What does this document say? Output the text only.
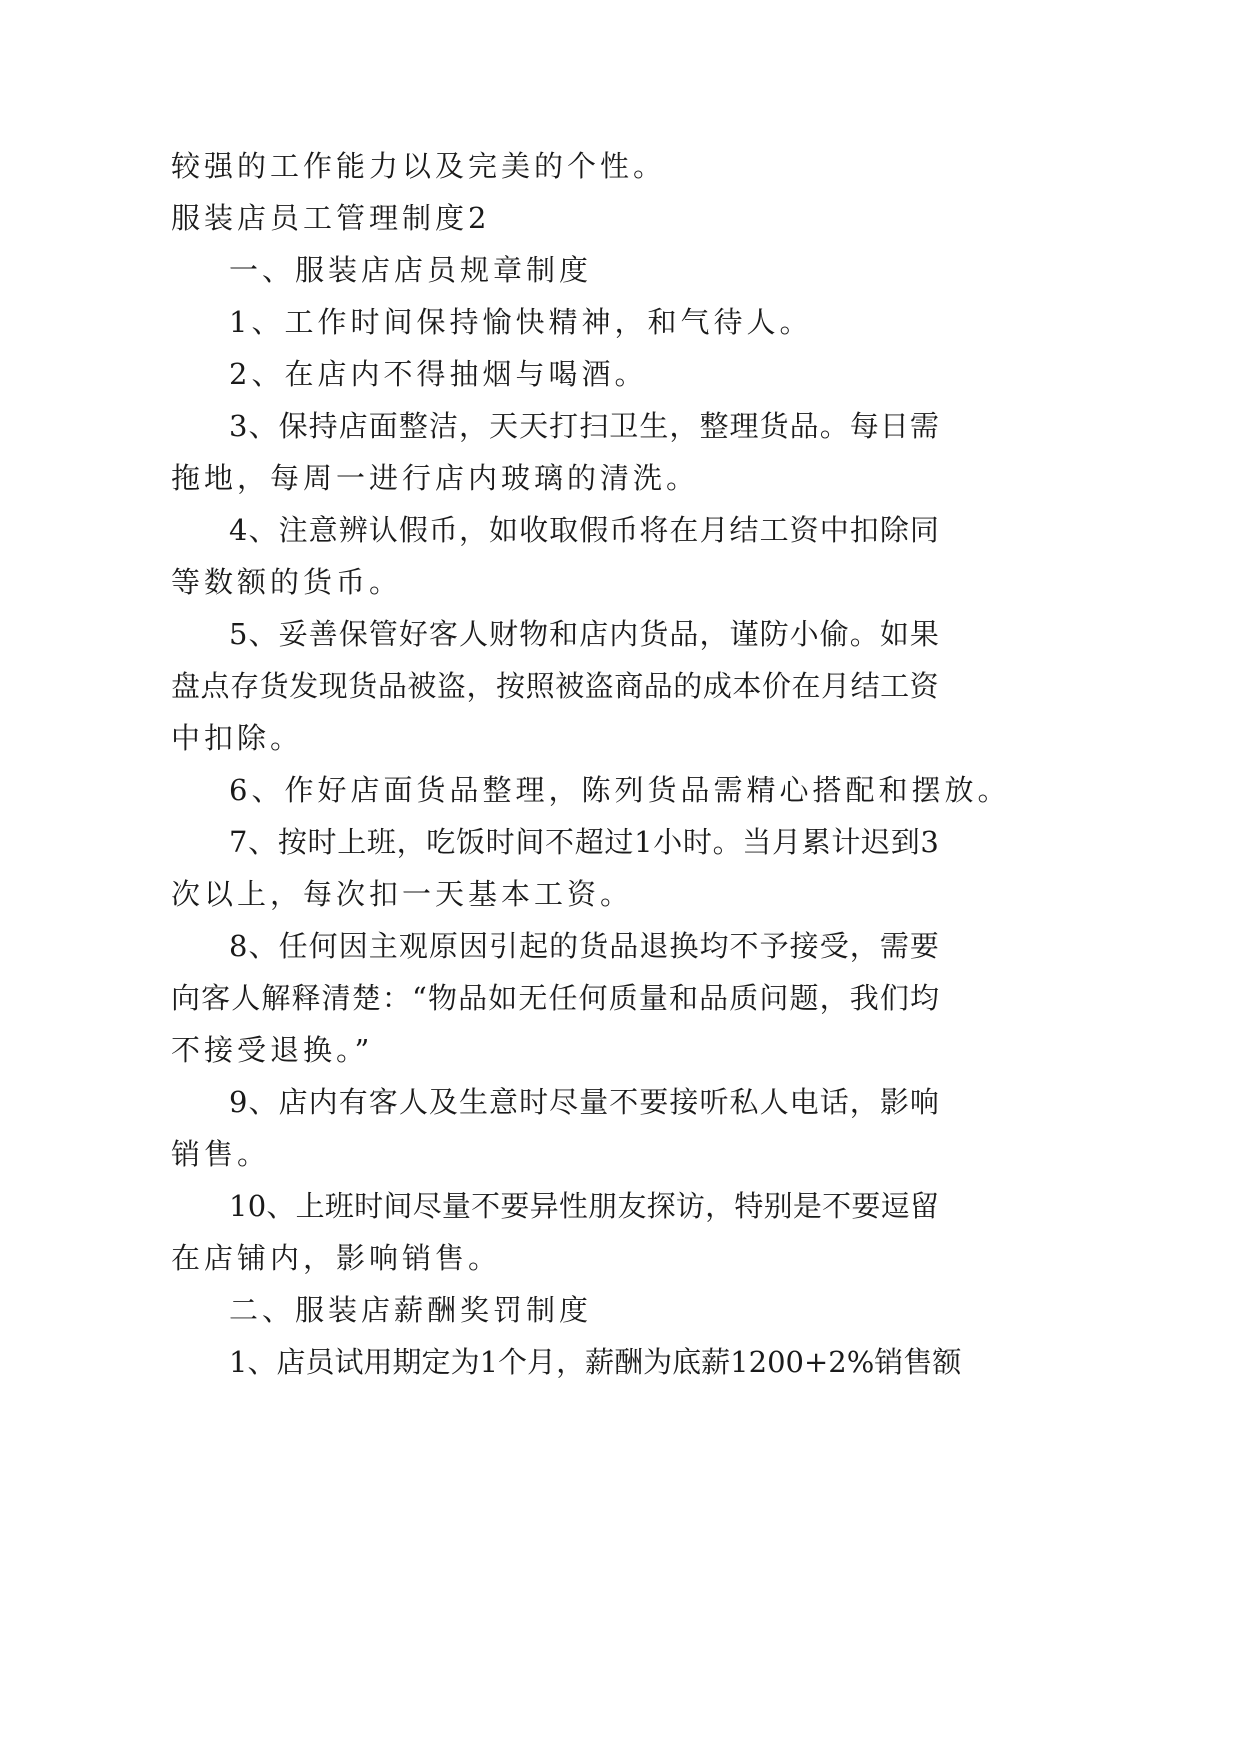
较强的工作能力以及完美的个性。
服装店员工管理制度2
一、服装店店员规章制度
1、工作时间保持愉快精神，和气待人。
2、在店内不得抽烟与喝酒。
3 、 保 持 店 面 整 洁 ， 天 天 打 扫 卫 生 ， 整 理 货 品 。 每 日 需
拖地，每周一进行店内玻璃的清洗。
4 、 注 意 辨 认 假 币 ， 如 收 取 假 币 将 在 月 结 工 资 中 扣 除 同
等数额的货币。
5 、 妥 善 保 管 好 客 人 财 物 和 店 内 货 品 ， 谨 防 小 偷 。 如 果
盘 点 存 货 发 现 货 品 被 盗 ， 按 照 被 盗 商 品 的 成 本 价 在 月 结 工 资
中扣除。
6、作好店面货品整理，陈列货品需精心搭配和摆放。
7 、 按 时 上 班 ， 吃 饭 时 间 不 超 过 1 小 时 。 当 月 累 计 迟 到 3
次以上，每次扣一天基本工资。
8 、 任 何 因 主 观 原 因 引 起 的 货 品 退 换 均 不 予 接 受 ， 需 要
向 客 人 解 释 清 楚 ： “ 物 品 如 无 任 何 质 量 和 品 质 问 题 ， 我 们 均
不接受退换。”
9 、 店 内 有 客 人 及 生 意 时 尽 量 不 要 接 听 私 人 电 话 ， 影 响
销售。
1 0 、 上 班 时 间 尽 量 不 要 异 性 朋 友 探 访 ， 特 别 是 不 要 逗 留
在店铺内，影响销售。
二、服装店薪酬奖罚制度
1 、 店 员 试 用 期 定 为 1 个 月 ， 薪 酬 为 底 薪 1 2 0 0 + 2 % 销 售 额
